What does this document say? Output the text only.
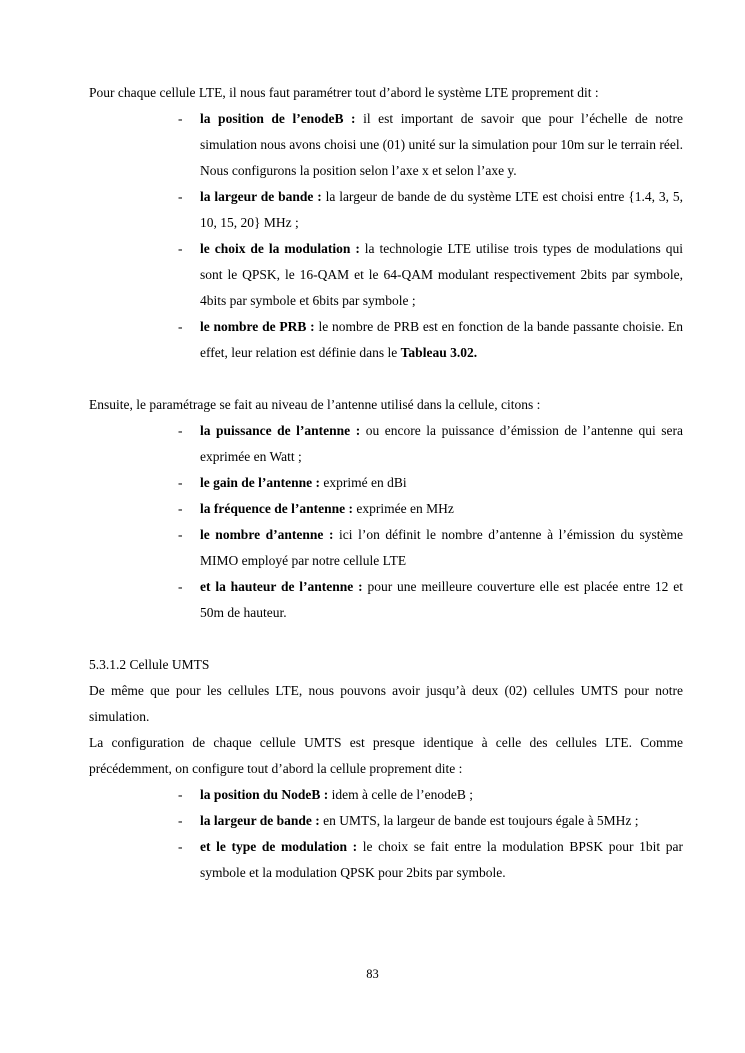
Pour chaque cellule LTE, il nous faut paramétrer tout d’abord le système LTE proprement dit :

- la position de l’enodeB : il est important de savoir que pour l’échelle de notre simulation nous avons choisi une (01) unité sur la simulation pour 10m sur le terrain réel. Nous configurons la position selon l’axe x et selon l’axe y.
- la largeur de bande : la largeur de bande de du système LTE est choisi entre {1.4, 3, 5, 10, 15, 20} MHz ;
- le choix de la modulation : la technologie LTE utilise trois types de modulations qui sont le QPSK, le 16-QAM et le 64-QAM modulant respectivement 2bits par symbole, 4bits par symbole et 6bits par symbole ;
- le nombre de PRB : le nombre de PRB est en fonction de la bande passante choisie. En effet, leur relation est définie dans le Tableau 3.02.

Ensuite, le paramétrage se fait au niveau de l’antenne utilisé dans la cellule, citons :

- la puissance de l’antenne : ou encore la puissance d’émission de l’antenne qui sera exprimée en Watt ;
- le gain de l’antenne : exprimé en dBi
- la fréquence de l’antenne : exprimée en MHz
- le nombre d’antenne : ici l’on définit le nombre d’antenne à l’émission du système MIMO employé par notre cellule LTE
- et la hauteur de l’antenne : pour une meilleure couverture elle est placée entre 12 et 50m de hauteur.

5.3.1.2 Cellule UMTS

De même que pour les cellules LTE, nous pouvons avoir jusqu’à deux (02) cellules UMTS pour notre simulation.

La configuration de chaque cellule UMTS est presque identique à celle des cellules LTE. Comme précédemment, on configure tout d’abord la cellule proprement dite :

- la position du NodeB : idem à celle de l’enodeB ;
- la largeur de bande : en UMTS, la largeur de bande est toujours égale à 5MHz ;
- et le type de modulation : le choix se fait entre la modulation BPSK pour 1bit par symbole et la modulation QPSK pour 2bits par symbole.
83
